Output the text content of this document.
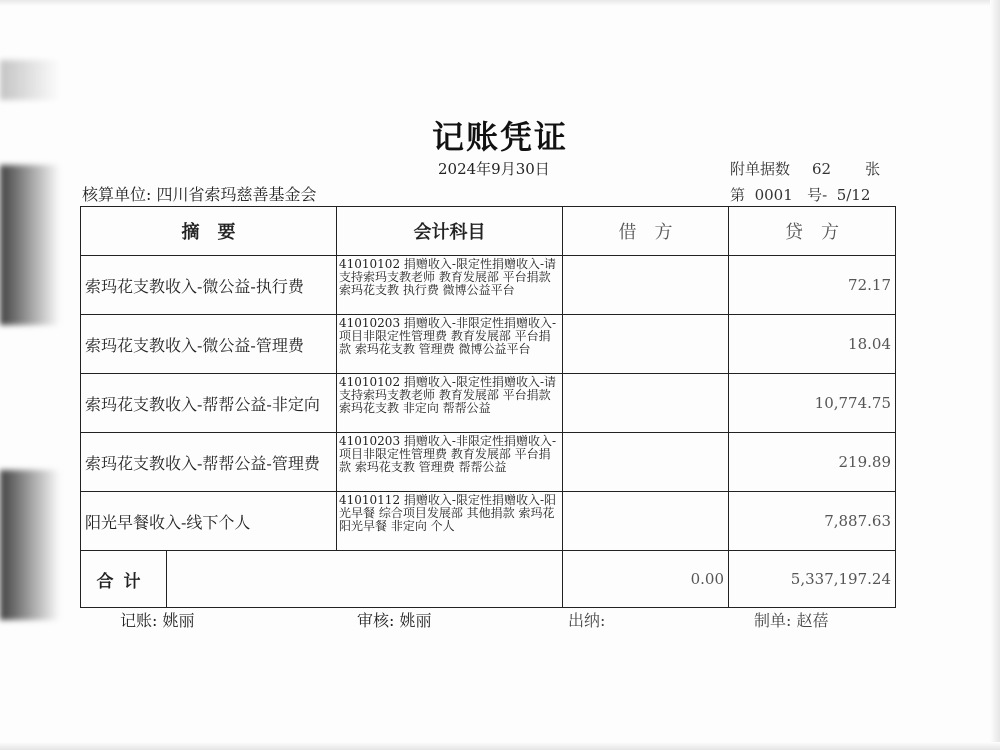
记账凭证
2024年9月30日	附单据数 62 张
核算单位: 四川省索玛慈善基金会	第 0001 号- 5/12
摘　要		会计科目	借　方	贷　方
索玛花支教收入-微公益-执行费		41010102 捐赠收入-限定性捐赠收入-请支持索玛支教老师 教育发展部 平台捐款 索玛花支教 执行费 微博公益平台		72.17
索玛花支教收入-微公益-管理费		41010203 捐赠收入-非限定性捐赠收入-项目非限定性管理费 教育发展部 平台捐款 索玛花支教 管理费 微博公益平台		18.04
索玛花支教收入-帮帮公益-非定向		41010102 捐赠收入-限定性捐赠收入-请支持索玛支教老师 教育发展部 平台捐款 索玛花支教 非定向 帮帮公益		10,774.75
索玛花支教收入-帮帮公益-管理费		41010203 捐赠收入-非限定性捐赠收入-项目非限定性管理费 教育发展部 平台捐款 索玛花支教 管理费 帮帮公益		219.89
阳光早餐收入-线下个人		41010112 捐赠收入-限定性捐赠收入-阳光早餐 综合项目发展部 其他捐款 索玛花阳光早餐 非定向 个人		7,887.63
合计			0.00	5,337,197.24
记账: 姚丽	审核: 姚丽	出纳:	制单: 赵蓓
